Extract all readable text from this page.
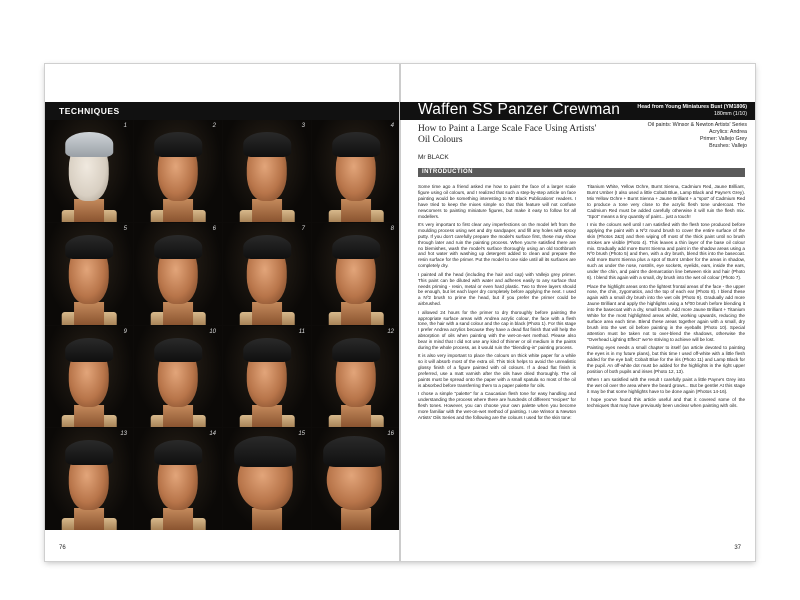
TECHNIQUES
1	2	3	4
5	6	7	8
9	10	11	12
13	14	15	16
76
Waffen SS Panzer Crewman	Head from Young Miniatures Bust (YM1806)
180mm (1/10)
Oil paints: Winsor & Newton Artists' Series
Acrylics: Andrea
Primer: Vallejo Grey
Brushes: Vallejo
How to Paint a Large Scale Face Using Artists' Oil Colours
Mr BLACK
INTRODUCTION

Some time ago a friend asked me how to paint the face of a larger scale figure using oil colours, and I realized that such a step-by-step article on face painting would be something interesting to Mr Black Publications' readers. I have tried to keep the mixes simple so that this feature will not confuse newcomers to painting miniature figures, but make it easy to follow for all modellers.

It's very important to first clear any imperfections on the model left from the moulding process using wet and dry sandpaper, and fill any holes with epoxy putty. If you don't carefully prepare the model's surface first, these may show through later and ruin the painting process. When you're satisfied there are no blemishes, wash the model's surface thoroughly using an old toothbrush and hot water with washing up detergent added to clean and prepare the resin surface for the primer. Put the model to one side until all its surfaces are completely dry.

I painted all the head (including the hair and cap) with Vallejo grey primer. This paint can be diluted with water and adheres easily to any surface that needs priming - resin, metal or even hard plastic. Two to three layers should be enough, but let each layer dry completely before applying the next. I used a Nº2 brush to prime the head, but if you prefer the primer could be airbrushed.

I allowed 24 hours for the primer to dry thoroughly before painting the appropriate surface areas with Andrea acrylic colour, the face with a flesh tone, the hair with a sand colour and the cap in black (Photo 1). For this stage I prefer Andrea acrylics because they have a dead flat finish that will help the absorption of oils when painting with the wet-on-wet method. Please also bear in mind that I did not use any kind of thinner or oil medium in the paints during the whole process, as it would ruin the "blending-in" painting process.

It is also very important to place the colours on thick white paper for a while so it will absorb most of the extra oil. This trick helps to avoid the unrealistic glossy finish of a figure painted with oil colours. If a dead flat finish is preferred, use a matt varnish after the oils have dried thoroughly. The oil paints must be spread onto the paper with a small spatula so most of the oil is absorbed before transferring them to a paper palette for oils.

I chose a simple "palette" for a Caucasian flesh tone for easy handling and understanding the process where there are hundreds of different "recipes" for flesh tones. However, you can choose your own palette when you become more familiar with the wet-on-wet method of painting. I use Winsor & Newton Artists' Oils Series and the following are the colours I used for the skin tone:

Titanium White, Yellow Ochre, Burnt Sienna, Cadmium Red, Jaune Brilliant, Burnt Umber (I also used a little Cobalt Blue, Lamp Black and Payne's Grey). Mix Yellow Ochre + Burnt Sienna + Jaune Brilliant + a "spot" of Cadmium Red to produce a tone very close to the acrylic flesh tone undercoat. The Cadmium Red must be added carefully otherwise it will ruin the flesh mix. "Spot" means a tiny quantity of paint... just a touch!

I mix the colours well until I am satisfied with the flesh tone produced before applying the paint with a Nº2 round brush to cover the entire surface of the skin (Photos 2&3) and then wiping off most of the thick paint until no brush strokes are visible (Photo 4). This leaves a thin layer of the base oil colour mix. Gradually add more Burnt Sienna and paint in the shadow areas using a Nº0 brush (Photo 5) and then, with a dry brush, blend this into the basecoat. Add more Burnt Sienna plus a spot of Burnt Umber for the areas in shadow, such as under the nose, nostrils, eye sockets, eyelids, ears, inside the ears, under the chin, and paint the demarcation line between skin and hair (Photo 6). I blend this again with a small, dry brush into the wet oil colour (Photo 7).

Place the highlight areas onto the lightest frontal areas of the face - the upper nose, the chin, zygomatics, and the top of each ear (Photo 8). I blend these again with a small dry brush into the wet oils (Photo 9). Gradually add more Jaune Brilliant and apply the highlights using a Nº00 brush before blending it into the basecoat with a dry, small brush. Add more Jaune Brilliant + Titanium White for the most highlighted areas whilst, working upwards, reducing the surface area each time. Blend these areas together again with a small, dry brush into the wet oil before painting in the eyeballs (Photo 10). Special attention must be taken not to over-blend the shadows, otherwise the "Overhead Lighting Effect" we're striving to achieve will be lost.

Painting eyes needs a small chapter to itself (an article devoted to painting the eyes is in my future plans), but this time I used off-white with a little flesh added for the eye ball; Cobalt Blue for the iris (Photo 11) and Lamp Black for the pupil. An off-white dot must be added for the highlights in the right upper position of both pupils and irises (Photo 12, 13).

When I am satisfied with the result I carefully paint a little Payne's Grey into the wet oil over the area where the beard grows... But be gentle! At this stage it may be that some highlights have to be done again (Photos 14-16).

I hope you've found this article useful and that it covered some of the techniques that may have previously been unclear when painting with oils.

37
